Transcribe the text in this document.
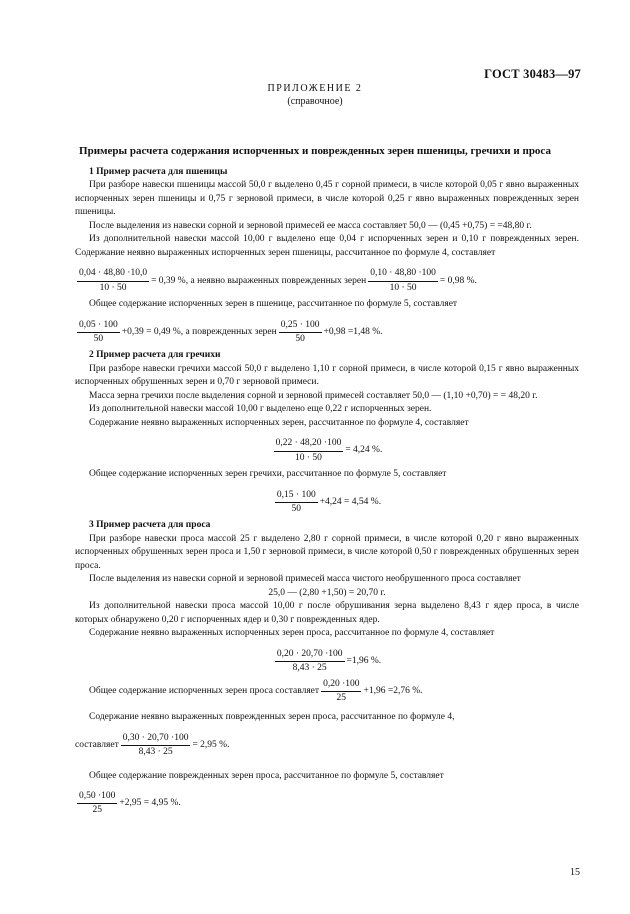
ГОСТ 30483—97
ПРИЛОЖЕНИЕ 2
(справочное)
Примеры расчета содержания испорченных и поврежденных зерен пшеницы, гречихи и проса

1 Пример расчета для пшеницы

При разборе навески пшеницы массой 50,0 г выделено 0,45 г сорной примеси, в числе которой 0,05 г явно выраженных испорченных зерен пшеницы и 0,75 г зерновой примеси, в числе которой 0,25 г явно выраженных поврежденных зерен пшеницы.

После выделения из навески сорной и зерновой примесей ее масса составляет 50,0 — (0,45 +0,75) = =48,80 г.

Из дополнительной навески массой 10,00 г выделено еще 0,04 г испорченных зерен и 0,10 г поврежденных зерен. Содержание неявно выраженных испорченных зерен пшеницы, рассчитанное по формуле 4, составляет

$\frac{0,04 \cdot 48,80 \cdot 10,0}{10 \cdot 50} = 0,39$ %, а неявно выраженных поврежденных зерен $\frac{0,10 \cdot 48,80 \cdot 100}{10 \cdot 50} = 0,98$ %.

Общее содержание испорченных зерен в пшенице, рассчитанное по формуле 5, составляет

$\frac{0,05 \cdot 100}{50} +0,39 = 0,49$ %, а поврежденных зерен $\frac{0,25 \cdot 100}{50} +0,98 =1,48$ %.

2 Пример расчета для гречихи

При разборе навески гречихи массой 50,0 г выделено 1,10 г сорной примеси, в числе которой 0,15 г явно выраженных испорченных обрушенных зерен и 0,70 г зерновой примеси.

Масса зерна гречихи после выделения сорной и зерновой примесей составляет 50,0 — (1,10 +0,70) = = 48,20 г.

Из дополнительной навески массой 10,00 г выделено еще 0,22 г испорченных зерен.

Содержание неявно выраженных испорченных зерен, рассчитанное по формуле 4, составляет

$\frac{0,22 \cdot 48,20 \cdot 100}{10 \cdot 50} = 4,24$ %.

Общее содержание испорченных зерен гречихи, рассчитанное по формуле 5, составляет

$\frac{0,15 \cdot 100}{50} +4,24 = 4,54$ %.

3 Пример расчета для проса

При разборе навески проса массой 25 г выделено 2,80 г сорной примеси, в числе которой 0,20 г явно выраженных испорченных обрушенных зерен проса и 1,50 г зерновой примеси, в числе которой 0,50 г поврежденных обрушенных зерен проса.

После выделения из навески сорной и зерновой примесей масса чистого необрушенного проса составляет

25,0 — (2,80 +1,50) = 20,70 г.

Из дополнительной навески проса массой 10,00 г после обрушивания зерна выделено 8,43 г ядер проса, в числе которых обнаружено 0,20 г испорченных ядер и 0,30 г поврежденных ядер.

Содержание неявно выраженных испорченных зерен проса, рассчитанное по формуле 4, составляет

$\frac{0,20 \cdot 20,70 \cdot 100}{8,43 \cdot 25} =1,96$ %.
Общее содержание испорченных зерен проса составляет $\frac{0,20 \cdot 100}{25} +1,96 =2,76$ %.

Содержание неявно выраженных поврежденных зерен проса, рассчитанное по формуле 4,

составляет $\frac{0,30 \cdot 20,70 \cdot 100}{8,43 \cdot 25} = 2,95$ %.

Общее содержание поврежденных зерен проса, рассчитанное по формуле 5, составляет

$\frac{0,50 \cdot 100}{25} +2,95 = 4,95$ %.
15
